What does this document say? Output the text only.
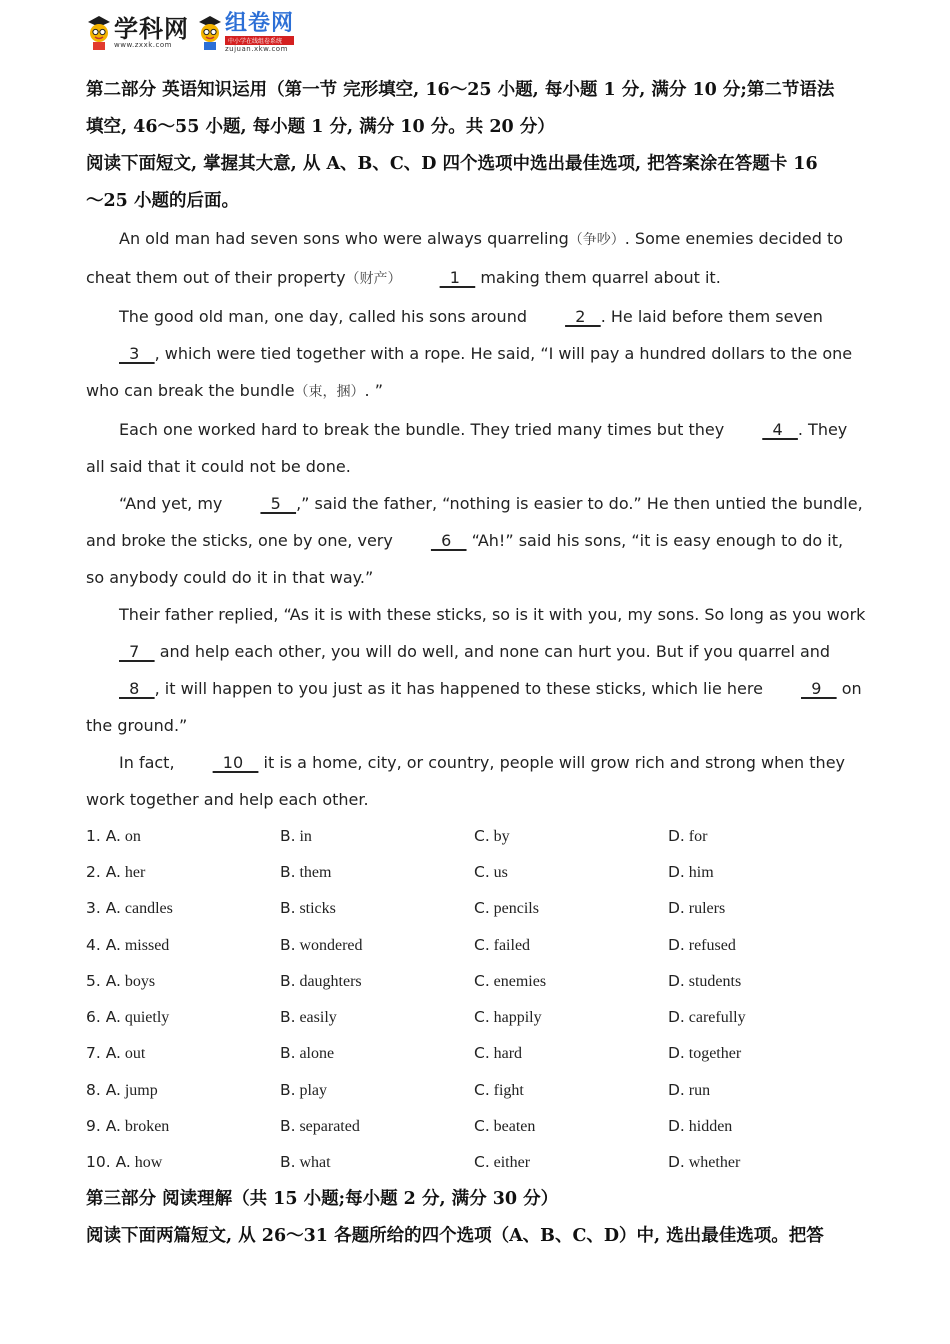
学科网
www.zxxk.com
组卷网
中小学在线组卷系统
zujuan.xkw.com
第二部分 英语知识运用（第一节 完形填空, 16～25 小题, 每小题 1 分, 满分 10 分;第二节语法
填空, 46～55 小题, 每小题 1 分, 满分 10 分。共 20 分）
阅读下面短文, 掌握其大意, 从 A、B、C、D 四个选项中选出最佳选项, 把答案涂在答题卡 16
～25 小题的后面。
An old man had seven sons who were always quarreling（争吵）. Some enemies decided to cheat them out of their property（财产）   1    making them quarrel about it.
The good old man, one day, called his sons around   2   . He laid before them seven   3   , which were tied together with a rope. He said, “I will pay a hundred dollars to the one who can break the bundle（束，捆）. ”
Each one worked hard to break the bundle. They tried many times but they   4   . They all said that it could not be done.
“And yet, my   5   ,” said the father, “nothing is easier to do.” He then untied the bundle, and broke the sticks, one by one, very   6    “Ah!” said his sons, “it is easy enough to do it, so anybody could do it in that way.”
Their father replied, “As it is with these sticks, so is it with you, my sons. So long as you work   7    and help each other, you will do well, and none can hurt you. But if you quarrel and   8   , it will happen to you just as it has happened to these sticks, which lie here   9    on the ground.”
In fact,   10    it is a home, city, or country, people will grow rich and strong when they work together and help each other.
1. A. on	B. in	C. by	D. for
2. A. her	B. them	C. us	D. him
3. A. candles	B. sticks	C. pencils	D. rulers
4. A. missed	B. wondered	C. failed	D. refused
5. A. boys	B. daughters	C. enemies	D. students
6. A. quietly	B. easily	C. happily	D. carefully
7. A. out	B. alone	C. hard	D. together
8. A. jump	B. play	C. fight	D. run
9. A. broken	B. separated	C. beaten	D. hidden
10. A. how	B. what	C. either	D. whether
第三部分 阅读理解（共 15 小题;每小题 2 分, 满分 30 分）
阅读下面两篇短文, 从 26～31 各题所给的四个选项（A、B、C、D）中, 选出最佳选项。把答
